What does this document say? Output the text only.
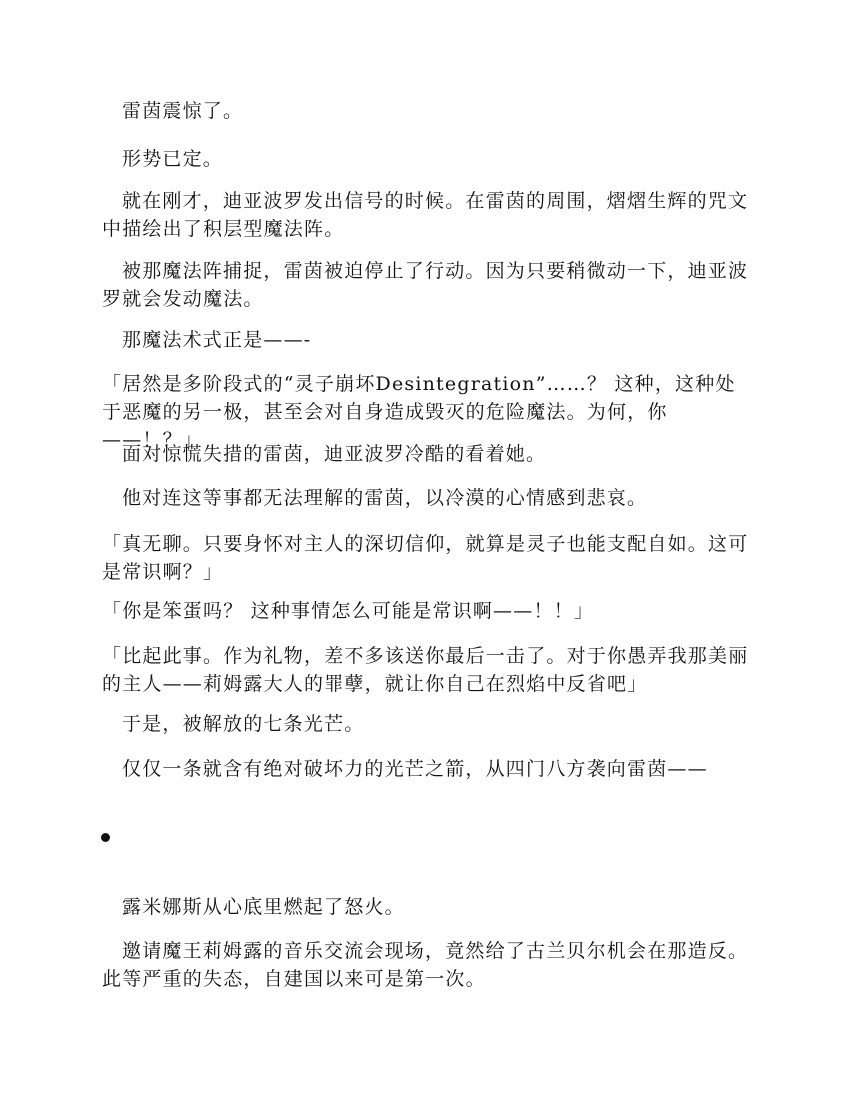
雷茵震惊了。

形势已定。

就在刚才，迪亚波罗发出信号的时候。在雷茵的周围，熠熠生辉的咒文中描绘出了积层型魔法阵。

被那魔法阵捕捉，雷茵被迫停止了行动。因为只要稍微动一下，迪亚波罗就会发动魔法。

那魔法术式正是——-

「居然是多阶段式的“灵子崩坏Desintegration”……？ 这种，这种处于恶魔的另一极，甚至会对自身造成毁灭的危险魔法。为何，你——！？」

面对惊慌失措的雷茵，迪亚波罗冷酷的看着她。

他对连这等事都无法理解的雷茵，以冷漠的心情感到悲哀。

「真无聊。只要身怀对主人的深切信仰，就算是灵子也能支配自如。这可是常识啊？」

「你是笨蛋吗？ 这种事情怎么可能是常识啊——！！」

「比起此事。作为礼物，差不多该送你最后一击了。对于你愚弄我那美丽的主人——莉姆露大人的罪孽，就让你自己在烈焰中反省吧」

于是，被解放的七条光芒。

仅仅一条就含有绝对破坏力的光芒之箭，从四门八方袭向雷茵——

露米娜斯从心底里燃起了怒火。

邀请魔王莉姆露的音乐交流会现场，竟然给了古兰贝尔机会在那造反。此等严重的失态，自建国以来可是第一次。
